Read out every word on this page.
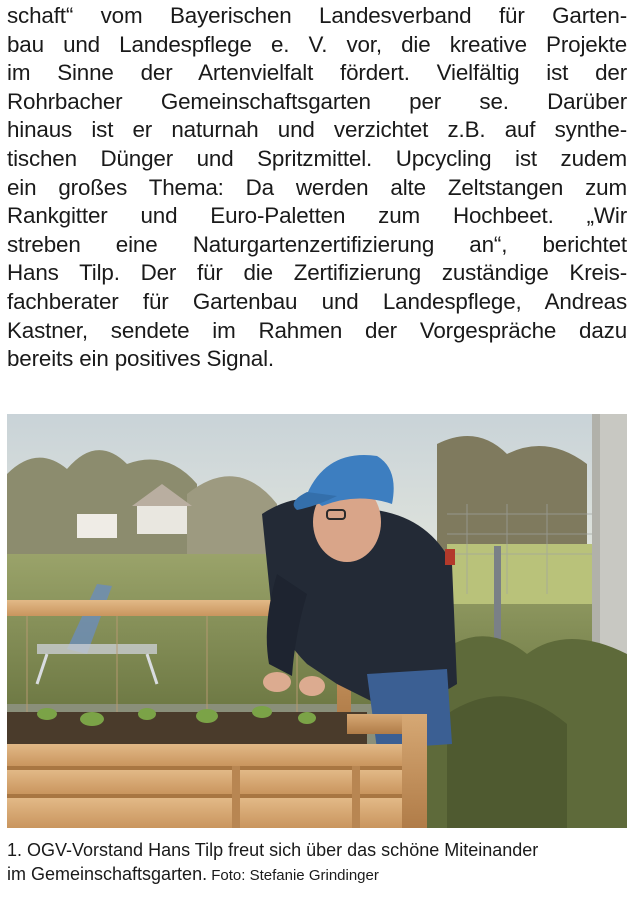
schaft“ vom Bayerischen Landesverband für Garten-
bau und Landespflege e. V. vor, die kreative Projekte
im Sinne der Artenvielfalt fördert. Vielfältig ist der
Rohrbacher Gemeinschaftsgarten per se. Darüber
hinaus ist er naturnah und verzichtet z.B. auf synthe-
tischen Dünger und Spritzmittel. Upcycling ist zudem
ein großes Thema: Da werden alte Zeltstangen zum
Rankgitter und Euro-Paletten zum Hochbeet. „Wir
streben eine Naturgartenzertifizierung an“, berichtet
Hans Tilp. Der für die Zertifizierung zuständige Kreis-
fachberater für Gartenbau und Landespflege, Andreas
Kastner, sendete im Rahmen der Vorgespräche dazu
bereits ein positives Signal.
1. OGV-Vorstand Hans Tilp freut sich über das schöne Miteinander
im Gemeinschaftsgarten. Foto: Stefanie Grindinger
